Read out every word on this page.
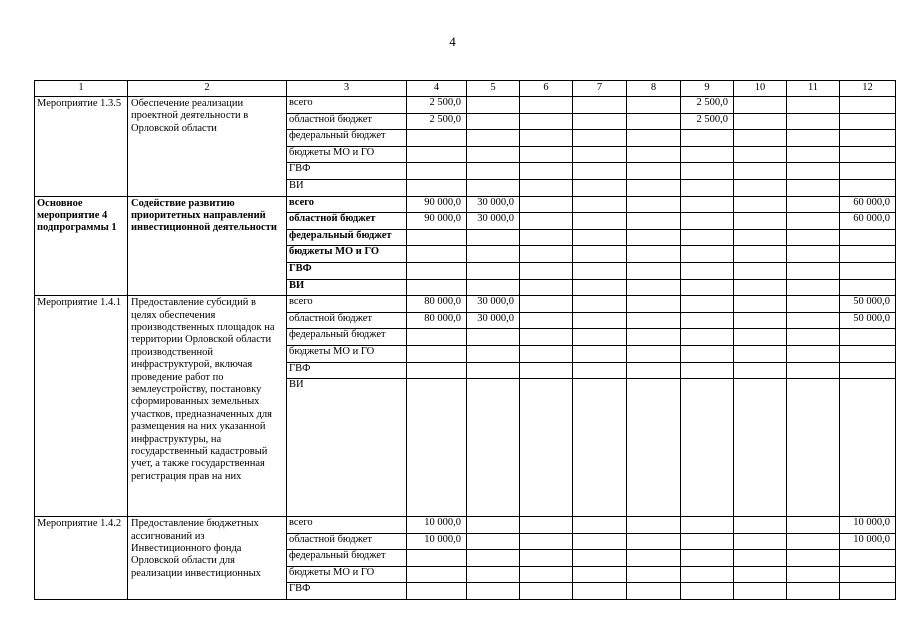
4
1	2	3	4	5	6	7	8	9	10	11	12
Мероприятие 1.3.5	Обеспечение реализации проектной деятельности в Орловской области	всего	2 500,0					2 500,0			
		областной бюджет	2 500,0					2 500,0			
		федеральный бюджет									
		бюджеты МО и ГО									
		ГВФ									
		ВИ									
Основное мероприятие 4 подпрограммы 1	Содействие развитию приоритетных направлений инвестиционной деятельности	всего	90 000,0	30 000,0							60 000,0
		областной бюджет	90 000,0	30 000,0							60 000,0
		федеральный бюджет									
		бюджеты МО и ГО									
		ГВФ									
		ВИ									
Мероприятие 1.4.1	Предоставление субсидий в целях обеспечения производственных площадок на территории Орловской области производственной инфраструктурой, включая проведение работ по землеустройству, постановку сформированных земельных участков, предназначенных для размещения на них указанной инфраструктуры, на государственный кадастровый учет, а также государственная регистрация прав на них	всего	80 000,0	30 000,0							50 000,0
		областной бюджет	80 000,0	30 000,0							50 000,0
		федеральный бюджет									
		бюджеты МО и ГО									
		ГВФ									
		ВИ									
Мероприятие 1.4.2	Предоставление бюджетных ассигнований из Инвестиционного фонда Орловской области для реализации инвестиционных	всего	10 000,0								10 000,0
		областной бюджет	10 000,0								10 000,0
		федеральный бюджет									
		бюджеты МО и ГО									
		ГВФ									
